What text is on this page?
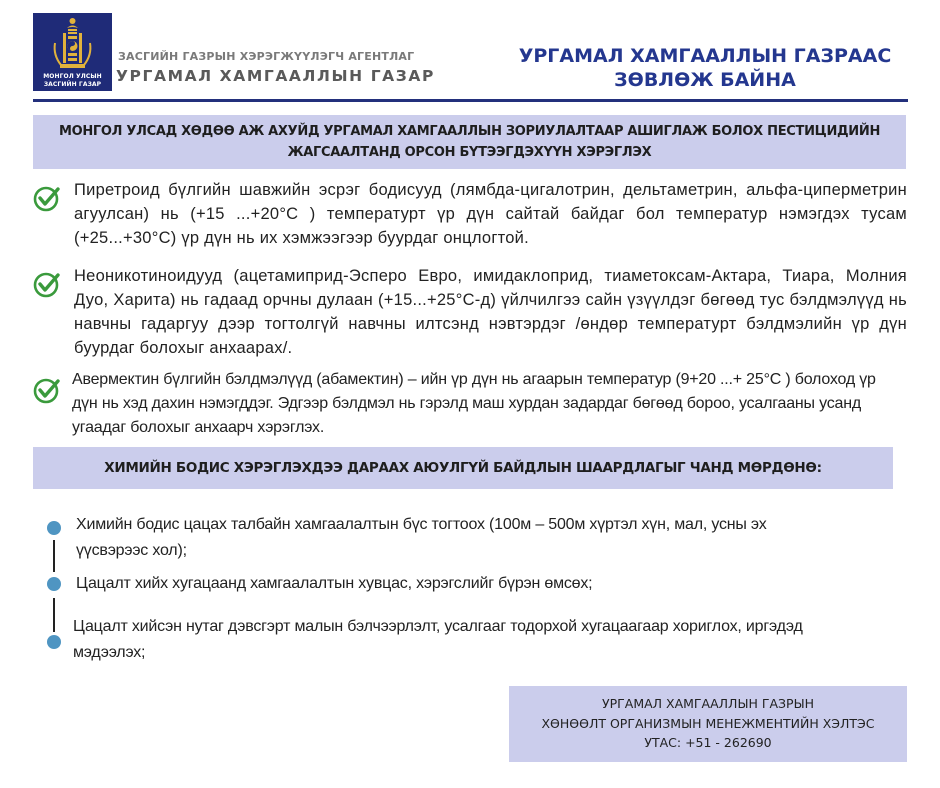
МОНГОЛ УЛСЫН
ЗАСГИЙН ГАЗАР
ЗАСГИЙН ГАЗРЫН ХЭРЭГЖҮҮЛЭГЧ АГЕНТЛАГ
УРГАМАЛ ХАМГААЛЛЫН ГАЗАР
УРГАМАЛ ХАМГААЛЛЫН ГАЗРААС
ЗӨВЛӨЖ БАЙНА
МОНГОЛ УЛСАД ХӨДӨӨ АЖ АХУЙД УРГАМАЛ ХАМГААЛЛЫН ЗОРИУЛАЛТААР АШИГЛАЖ БОЛОХ ПЕСТИЦИДИЙН
ЖАГСААЛТАНД ОРСОН БҮТЭЭГДЭХҮҮН ХЭРЭГЛЭХ
Пиретроид бүлгийн шавжийн эсрэг бодисууд (лямбда-цигалотрин, дельтаметрин, альфа-циперметрин агуулсан) нь (+15 ...+20°C ) температурт үр дүн сайтай байдаг бол температур нэмэгдэх тусам (+25...+30°C) үр дүн нь их хэмжээгээр буурдаг онцлогтой.
Неоникотиноидууд (ацетамиприд-Эсперо Евро, имидаклоприд, тиаметоксам-Актара, Тиара, Молния Дуо, Харита) нь гадаад орчны дулаан (+15...+25°C-д) үйлчилгээ сайн үзүүлдэг бөгөөд тус бэлдмэлүүд нь навчны гадаргуу дээр тогтолгүй навчны илтсэнд нэвтэрдэг /өндөр температурт бэлдмэлийн үр дүн буурдаг болохыг анхаарах/.
Авермектин бүлгийн бэлдмэлүүд (абамектин) – ийн үр дүн нь агаарын температур (9+20 ...+ 25°C ) болоход үр дүн нь хэд дахин нэмэгддэг. Эдгээр бэлдмэл нь гэрэлд маш хурдан задардаг бөгөөд бороо, усалгааны усанд угаадаг болохыг анхаарч хэрэглэх.
ХИМИЙН БОДИС ХЭРЭГЛЭХДЭЭ ДАРААХ АЮУЛГҮЙ БАЙДЛЫН ШААРДЛАГЫГ ЧАНД МӨРДӨНӨ:
Химийн бодис цацах талбайн хамгаалалтын бүс тогтоох (100м – 500м хүртэл хүн, мал, усны эх
үүсвэрээс хол);
Цацалт хийх хугацаанд хамгаалалтын хувцас, хэрэгслийг бүрэн өмсөх;
Цацалт хийсэн нутаг дэвсгэрт малын бэлчээрлэлт, усалгааг тодорхой хугацаагаар хориглох, иргэдэд
мэдээлэх;
УРГАМАЛ ХАМГААЛЛЫН ГАЗРЫН
ХӨНӨӨЛТ ОРГАНИЗМЫН МЕНЕЖМЕНТИЙН ХЭЛТЭС
УТАС: +51 - 262690
